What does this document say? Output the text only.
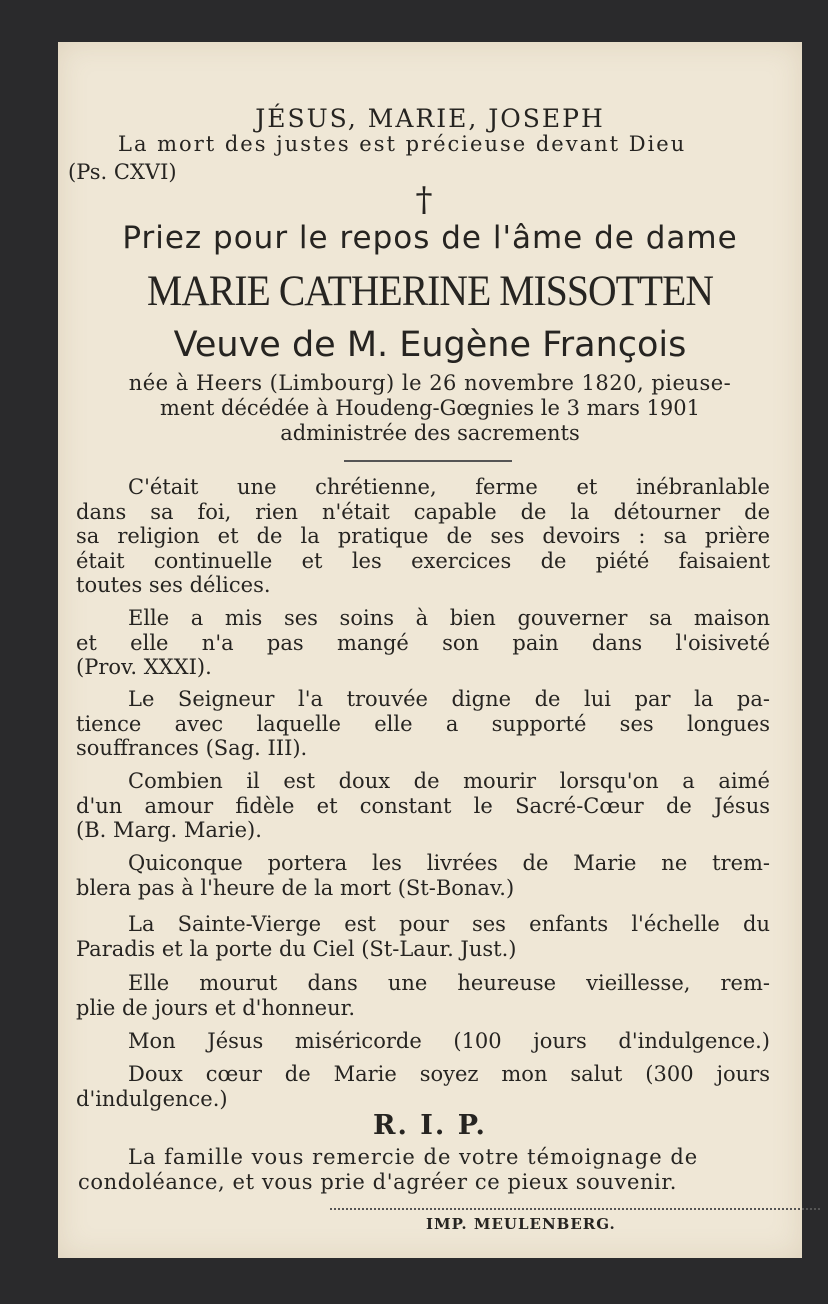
JÉSUS, MARIE, JOSEPH
La mort des justes est précieuse devant Dieu
(Ps. CXVI)
†
Priez pour le repos de l'âme de dame
MARIE CATHERINE MISSOTTEN
Veuve de M. Eugène François
née à Heers (Limbourg) le 26 novembre 1820, pieuse-
ment décédée à Houdeng-Gœgnies le 3 mars 1901
administrée des sacrements
C'était une chrétienne, ferme et inébranlable
dans sa foi, rien n'était capable de la détourner de
sa religion et de la pratique de ses devoirs : sa prière
était continuelle et les exercices de piété faisaient
toutes ses délices.
Elle a mis ses soins à bien gouverner sa maison
et elle n'a pas mangé son pain dans l'oisiveté
(Prov. XXXI).
Le Seigneur l'a trouvée digne de lui par la pa-
tience avec laquelle elle a supporté ses longues
souffrances (Sag. III).
Combien il est doux de mourir lorsqu'on a aimé
d'un amour fidèle et constant le Sacré-Cœur de Jésus
(B. Marg. Marie).
Quiconque portera les livrées de Marie ne trem-
blera pas à l'heure de la mort (St-Bonav.)
La Sainte-Vierge est pour ses enfants l'échelle du
Paradis et la porte du Ciel (St-Laur. Just.)
Elle mourut dans une heureuse vieillesse, rem-
plie de jours et d'honneur.
Mon Jésus miséricorde (100 jours d'indulgence.)
Doux cœur de Marie soyez mon salut (300 jours
d'indulgence.)
R. I. P.
La famille vous remercie de votre témoignage de
condoléance, et vous prie d'agréer ce pieux souvenir.
IMP. MEULENBERG.
